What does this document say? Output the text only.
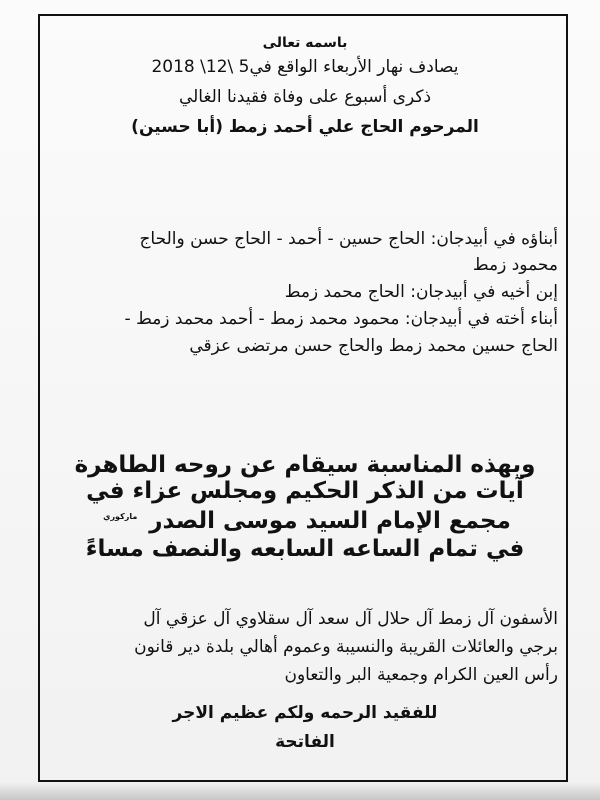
باسمه تعالى
يصادف نهار الأربعاء الواقع في5 \12\ 2018
ذكرى أسبوع على وفاة فقيدنا الغالي
المرحوم الحاج علي أحمد زمط (أبا حسين)
أبناؤه في أبيدجان: الحاج حسين - أحمد - الحاج حسن والحاج
محمود زمط
إبن أخيه في أبيدجان: الحاج محمد زمط
أبناء أخته في أبيدجان: محمود محمد زمط - أحمد محمد زمط -
الحاج حسين محمد زمط والحاج حسن مرتضى عزقي
وبهذه المناسبة سيقام عن روحه الطاهرة
آيات من الذكر الحكيم ومجلس عزاء في
مجمع الإمام السيد موسى الصدر $^{ماركوري}$
في تمام الساعه السابعه والنصف مساءً
الأسفون آل زمط آل حلال آل سعد آل سقلاوي آل عزقي آل
برجي والعائلات القريبة والنسيبة وعموم أهالي بلدة دير قانون
رأس العين الكرام وجمعية البر والتعاون
للفقيد الرحمه ولكم عظيم الاجر
الفاتحة
